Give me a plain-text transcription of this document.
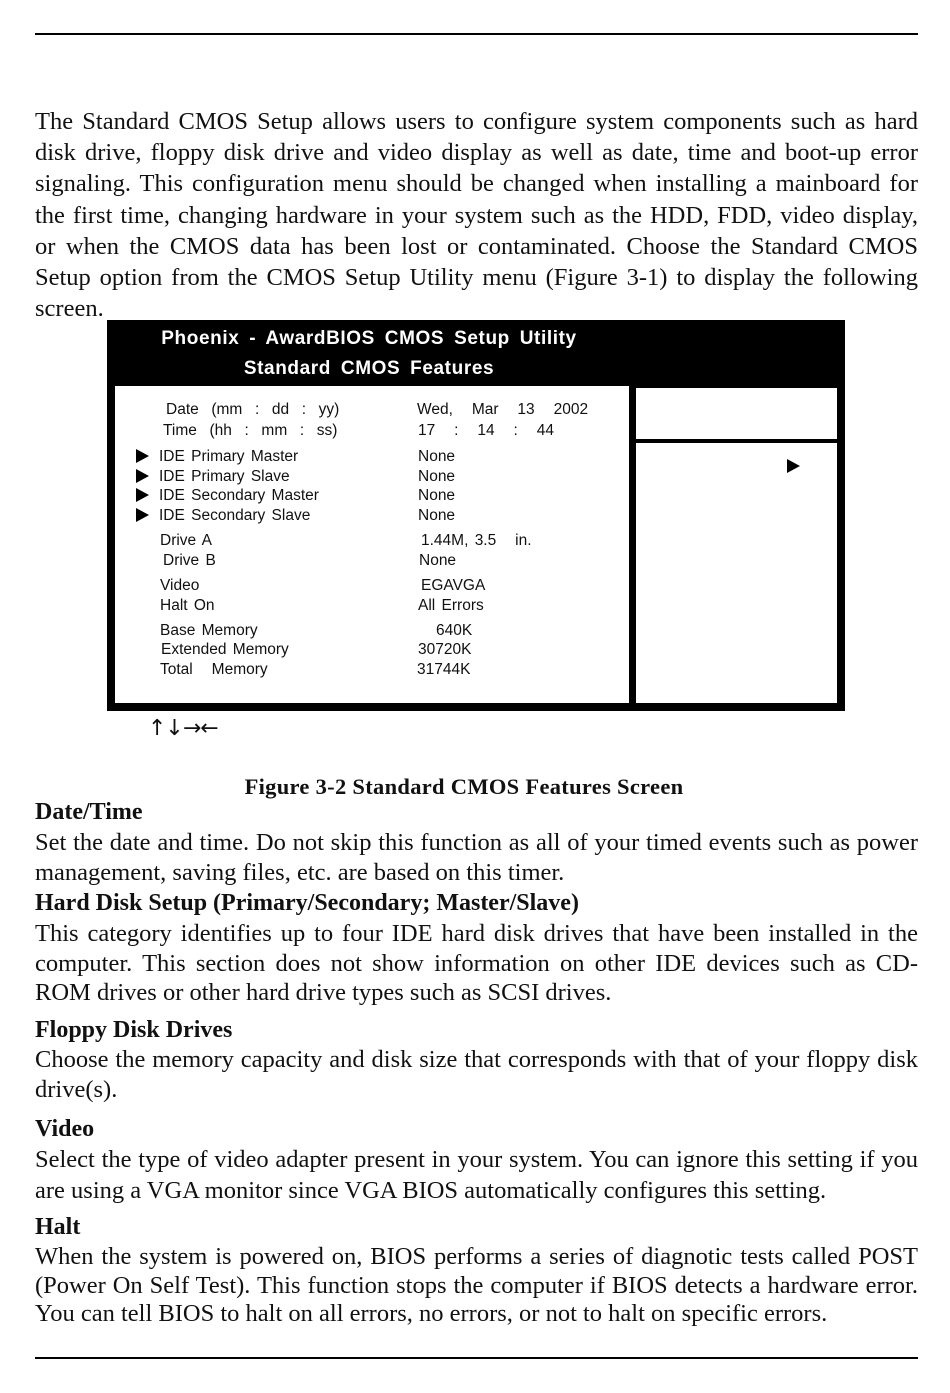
The Standard CMOS Setup allows users to configure system components such as hard disk drive, floppy disk drive and video display as well as date, time and boot-up error signaling. This configuration menu should be changed when installing a mainboard for the first time, changing hardware in your system such as the HDD, FDD, video display, or when the CMOS data has been lost or contaminated. Choose the Standard CMOS Setup option from the CMOS Setup Utility menu (Figure 3-1) to display the following screen.
Phoenix - AwardBIOS CMOS Setup Utility
Standard CMOS Features
Date  (mm  :  dd  :  yy)
Time  (hh  :  mm  :  ss)
IDE Primary Master
IDE Primary Slave
IDE Secondary Master
IDE Secondary Slave
Drive A
Drive B
Video
Halt On
Base Memory
Extended Memory
Total   Memory
Wed,   Mar   13   2002
17   :   14   :   44
None
None
None
None
1.44M, 3.5   in.
None
EGAVGA
All Errors
640K
30720K
31744K
↑↓→←
Figure 3-2 Standard CMOS Features Screen
Date/Time
Set the date and time. Do not skip this function as all of your timed events such as power management, saving files, etc. are based on this timer.
Hard Disk Setup (Primary/Secondary; Master/Slave)
This category identifies up to four IDE hard disk drives that have been installed in the computer. This section does not show information on other IDE devices such as CD-ROM drives or other hard drive types such as SCSI drives.
Floppy Disk Drives
Choose the memory capacity and disk size that corresponds with that of your floppy disk drive(s).
Video
Select the type of video adapter present in your system. You can ignore this setting if you are using a VGA monitor since VGA BIOS automatically configures this setting.
Halt
When the system is powered on, BIOS performs a series of diagnotic tests called POST (Power On Self Test). This function stops the computer if BIOS detects a hardware error. You can tell BIOS to halt on all errors, no errors, or not to halt on specific errors.
